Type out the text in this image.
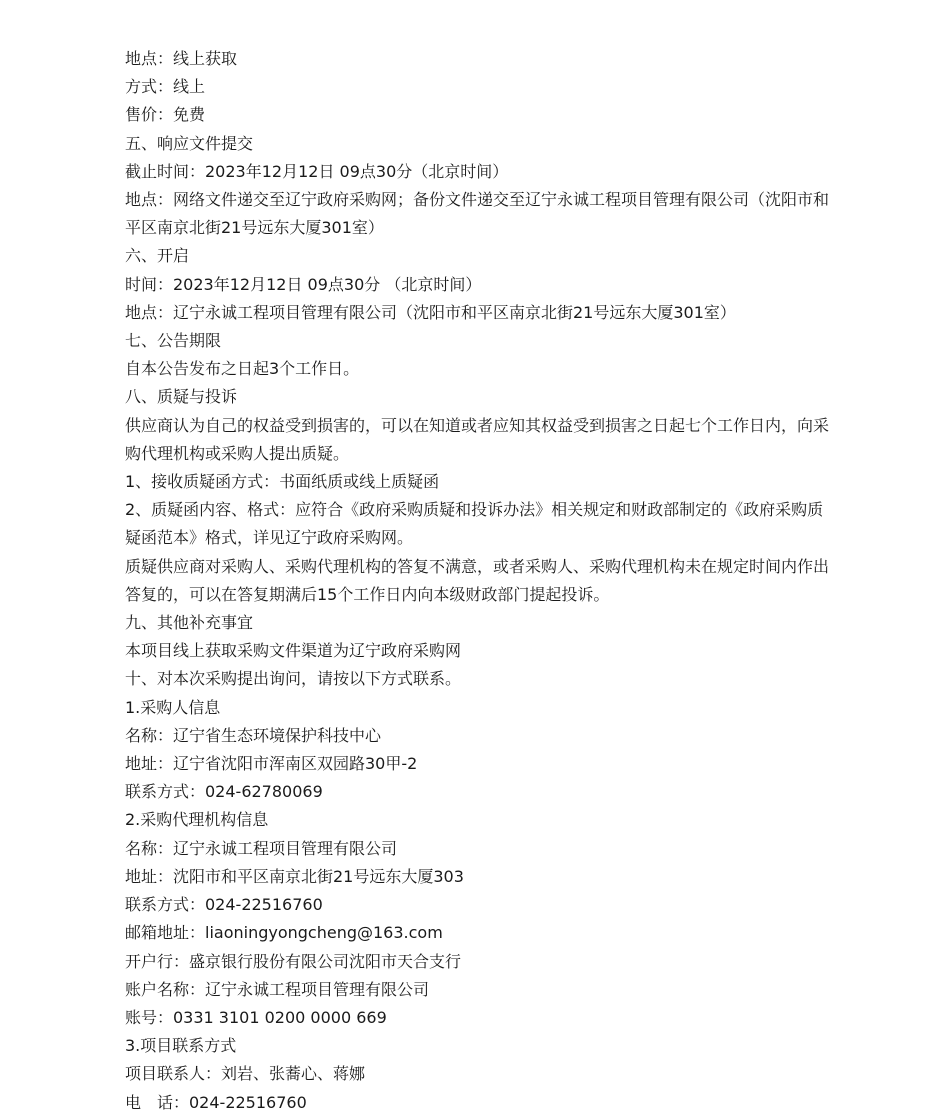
地点：线上获取

方式：线上

售价：免费

五、响应文件提交

截止时间：2023年12月12日 09点30分（北京时间）

地点：网络文件递交至辽宁政府采购网；备份文件递交至辽宁永诚工程项目管理有限公司（沈阳市和平区南京北街21号远东大厦301室）

六、开启

时间：2023年12月12日 09点30分 （北京时间）

地点：辽宁永诚工程项目管理有限公司（沈阳市和平区南京北街21号远东大厦301室）

七、公告期限

自本公告发布之日起3个工作日。

八、质疑与投诉

供应商认为自己的权益受到损害的，可以在知道或者应知其权益受到损害之日起七个工作日内，向采购代理机构或采购人提出质疑。

1、接收质疑函方式：书面纸质或线上质疑函

2、质疑函内容、格式：应符合《政府采购质疑和投诉办法》相关规定和财政部制定的《政府采购质疑函范本》格式，详见辽宁政府采购网。

质疑供应商对采购人、采购代理机构的答复不满意，或者采购人、采购代理机构未在规定时间内作出答复的，可以在答复期满后15个工作日内向本级财政部门提起投诉。

九、其他补充事宜

本项目线上获取采购文件渠道为辽宁政府采购网

十、对本次采购提出询问，请按以下方式联系。

1.采购人信息

名称：辽宁省生态环境保护科技中心

地址：辽宁省沈阳市浑南区双园路30甲-2

联系方式：024-62780069

2.采购代理机构信息

名称：辽宁永诚工程项目管理有限公司

地址：沈阳市和平区南京北街21号远东大厦303

联系方式：024-22516760

邮箱地址：liaoningyongcheng@163.com

开户行：盛京银行股份有限公司沈阳市天合支行

账户名称：辽宁永诚工程项目管理有限公司

账号：0331 3101 0200 0000 669

3.项目联系方式

项目联系人：刘岩、张蕎心、蒋娜

电　话：024-22516760
